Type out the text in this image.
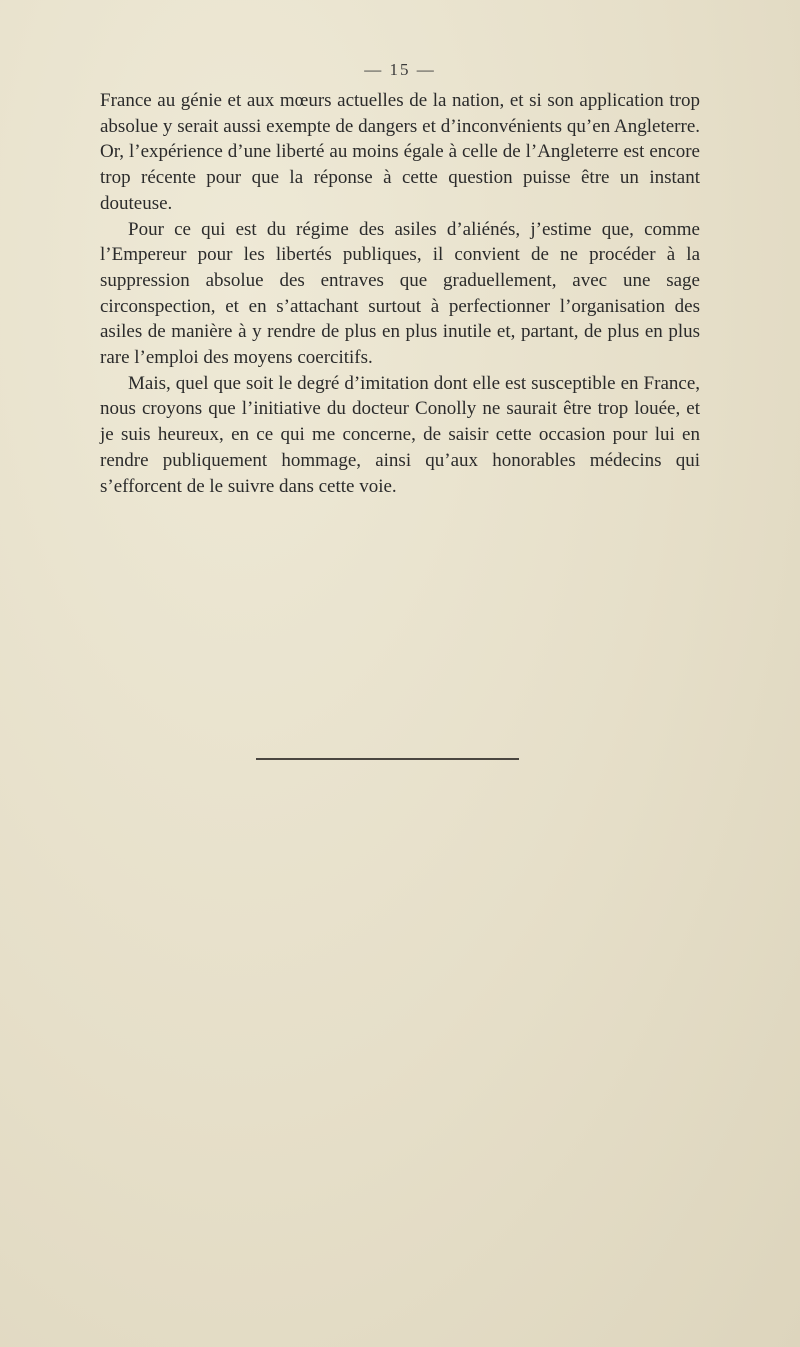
— 15 —

France au génie et aux mœurs actuelles de la nation, et si son application trop absolue y serait aussi exempte de dangers et d’inconvénients qu’en Angleterre. Or, l’expérience d’une liberté au moins égale à celle de l’Angleterre est encore trop récente pour que la réponse à cette question puisse être un instant douteuse.

Pour ce qui est du régime des asiles d’aliénés, j’estime que, comme l’Empereur pour les libertés publiques, il convient de ne procéder à la suppression absolue des entraves que graduellement, avec une sage circonspection, et en s’attachant surtout à perfectionner l’organisation des asiles de manière à y rendre de plus en plus inutile et, partant, de plus en plus rare l’emploi des moyens coercitifs.

Mais, quel que soit le degré d’imitation dont elle est susceptible en France, nous croyons que l’initiative du docteur Conolly ne saurait être trop louée, et je suis heureux, en ce qui me concerne, de saisir cette occasion pour lui en rendre publiquement hommage, ainsi qu’aux honorables médecins qui s’efforcent de le suivre dans cette voie.
